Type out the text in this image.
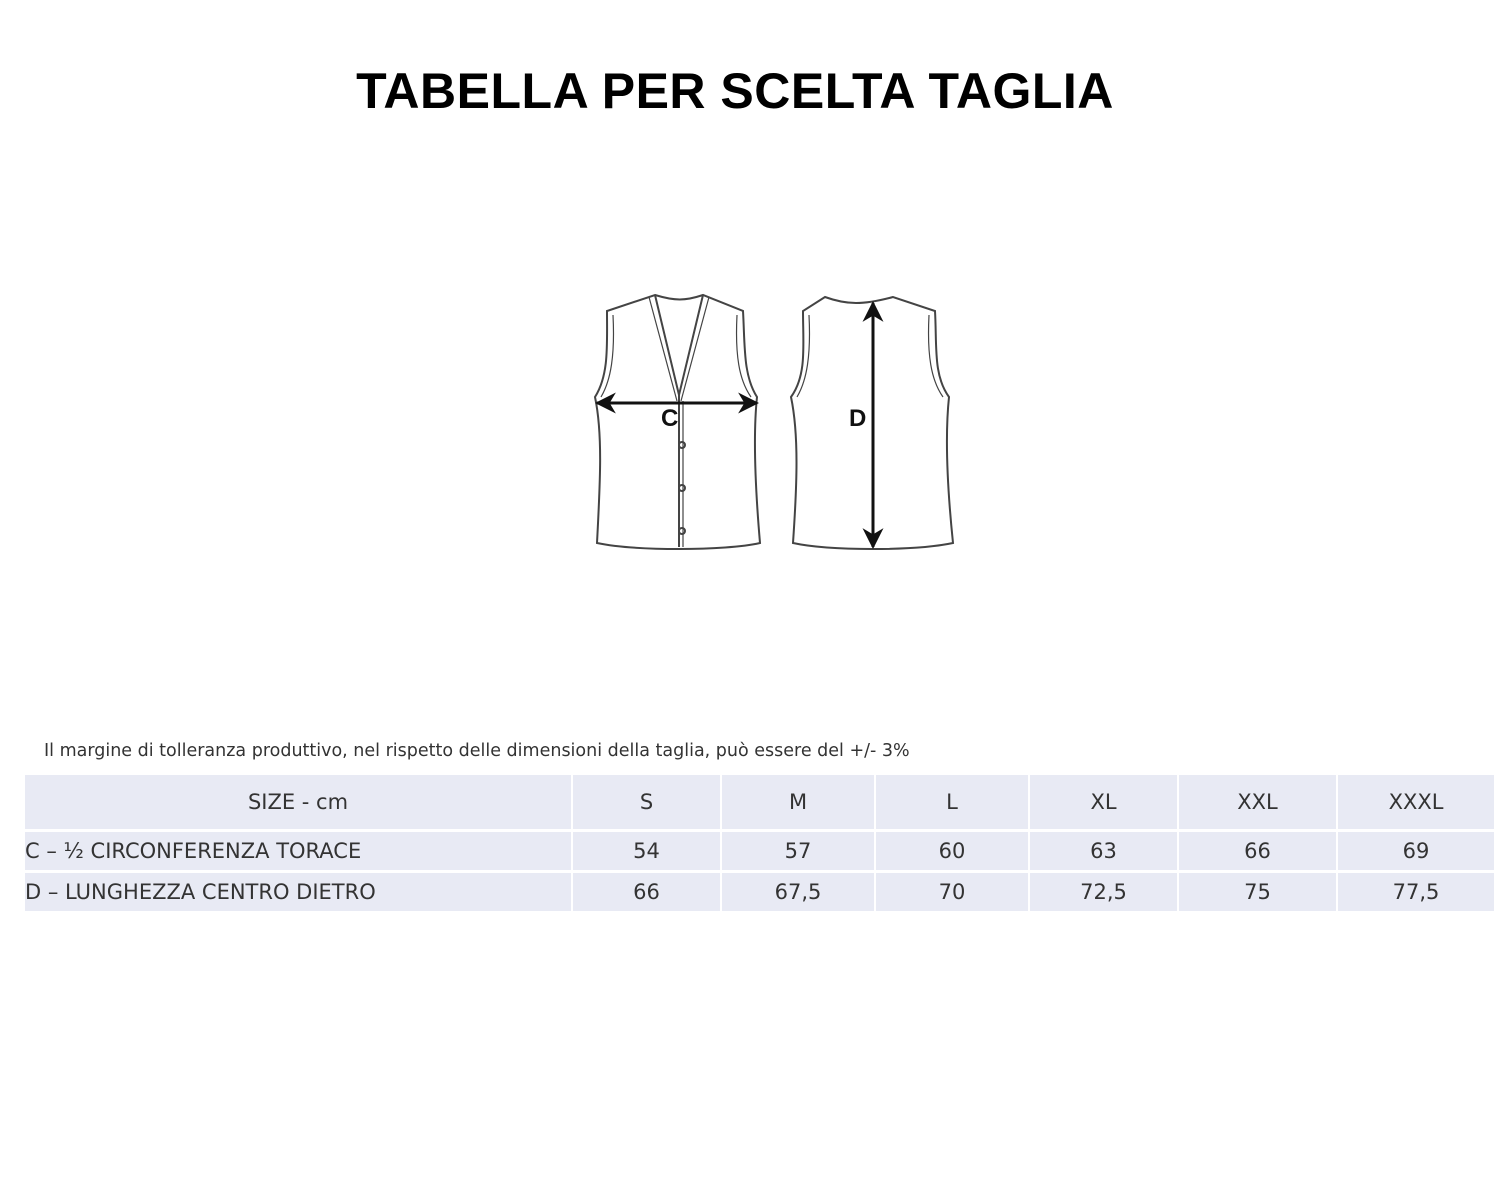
TABELLA PER SCELTA TAGLIA
C	D
Il margine di tolleranza produttivo, nel rispetto delle dimensioni della taglia, può essere del +/- 3%
SIZE - cm	S	M	L	XL	XXL	XXXL
C – ½ CIRCONFERENZA TORACE	54	57	60	63	66	69
D – LUNGHEZZA CENTRO DIETRO	66	67,5	70	72,5	75	77,5
